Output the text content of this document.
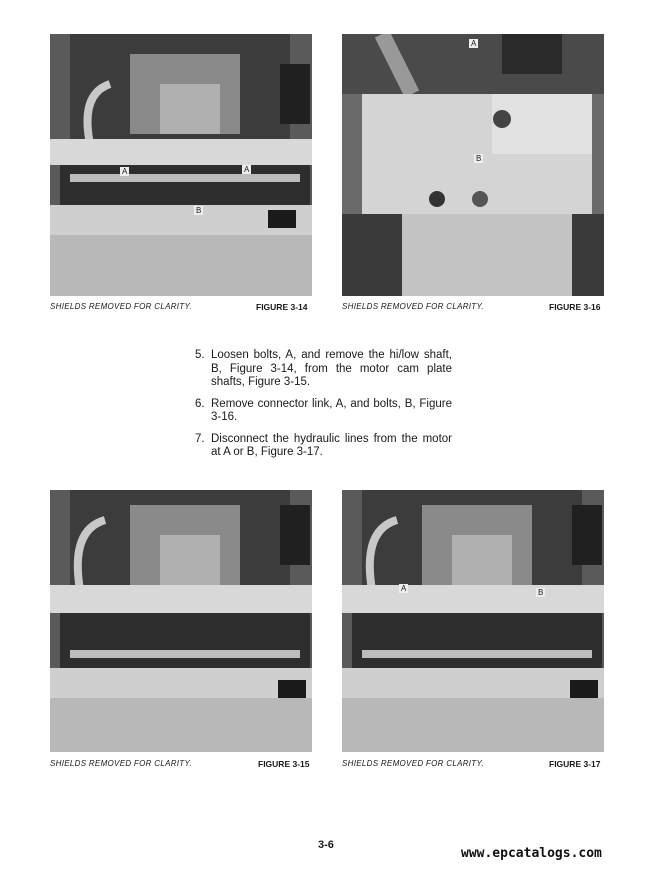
A	A
B
SHIELDS REMOVED FOR CLARITY.	FIGURE 3-14
A
B
SHIELDS REMOVED FOR CLARITY.	FIGURE 3-16
5. Loosen bolts, A, and remove the hi/low shaft, B, Figure 3-14, from the motor cam plate shafts, Figure 3-15.
6. Remove connector link, A, and bolts, B, Figure 3-16.
7. Disconnect the hydraulic lines from the motor at A or B, Figure 3-17.
SHIELDS REMOVED FOR CLARITY.	FIGURE 3-15
A	B
SHIELDS REMOVED FOR CLARITY.	FIGURE 3-17
3-6
www.epcatalogs.com
